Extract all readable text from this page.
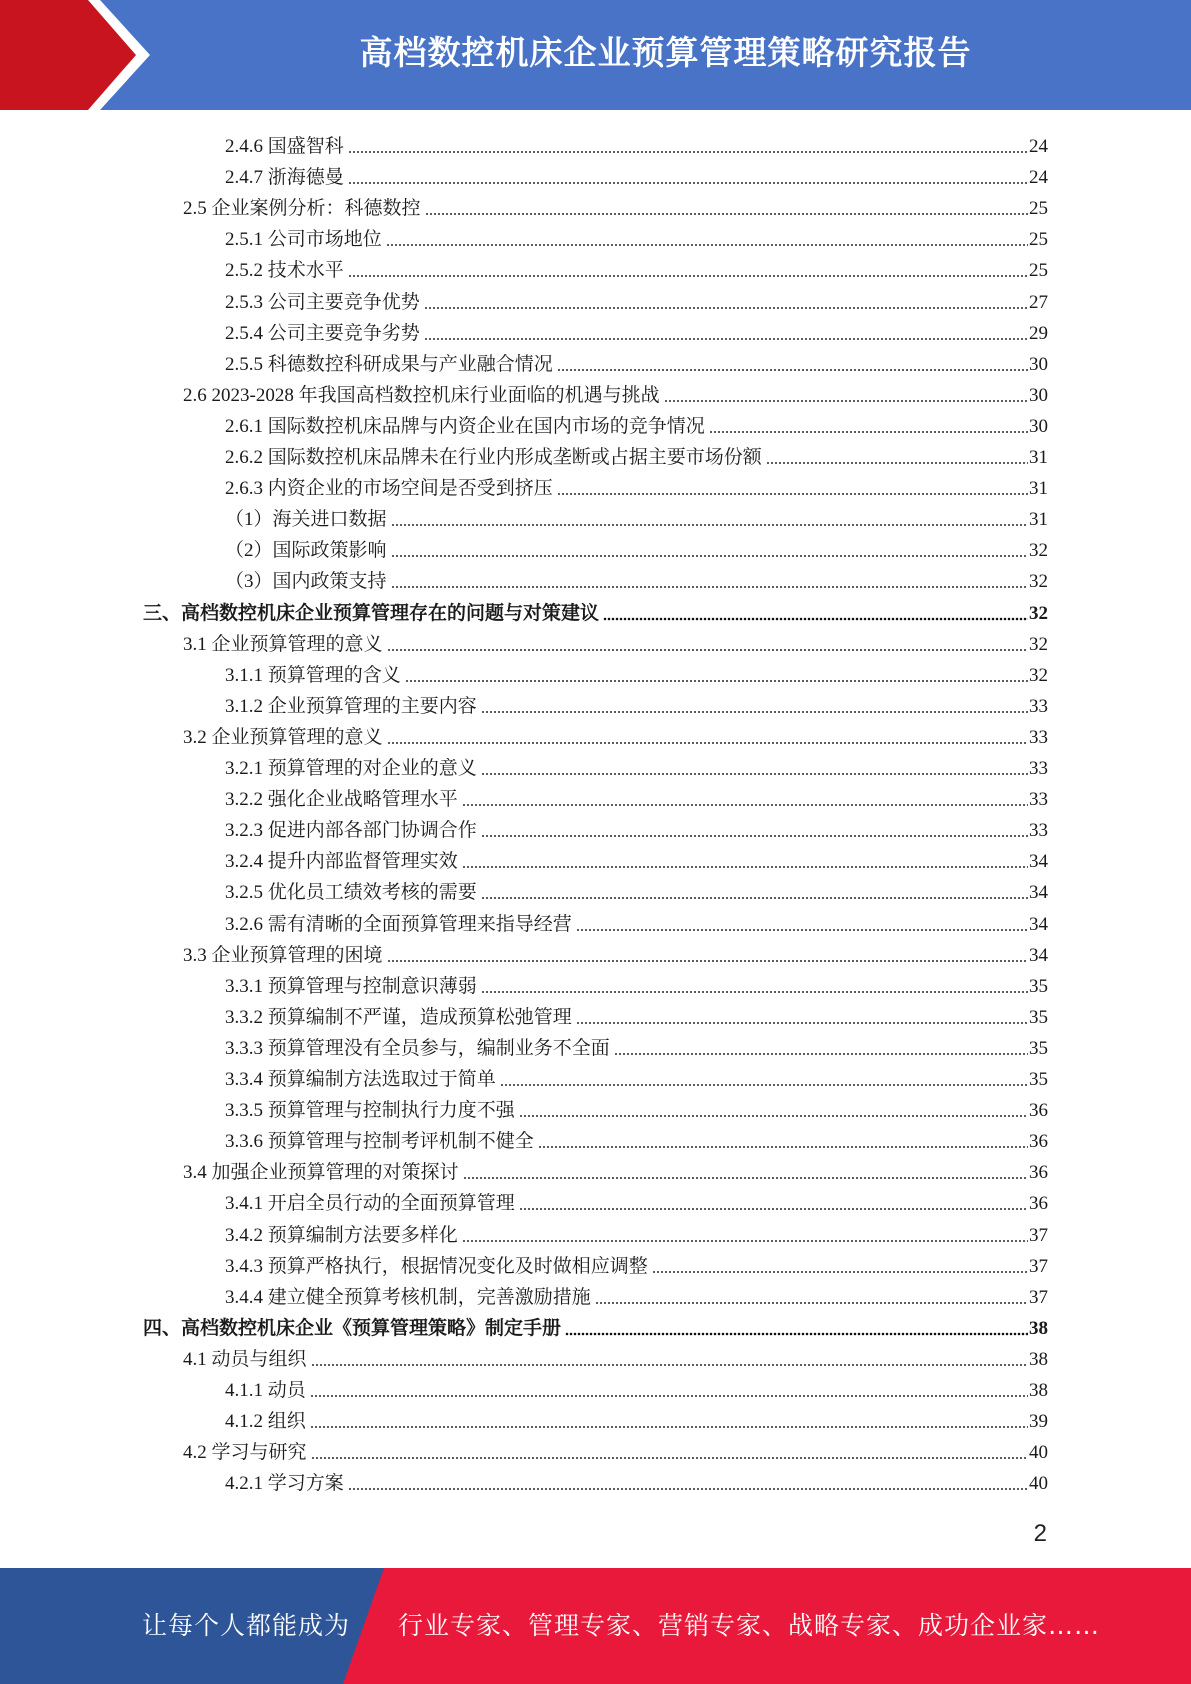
高档数控机床企业预算管理策略研究报告
2.4.6 国盛智科	24
2.4.7 浙海德曼	24
2.5 企业案例分析：科德数控	25
2.5.1 公司市场地位	25
2.5.2 技术水平	25
2.5.3 公司主要竞争优势	27
2.5.4 公司主要竞争劣势	29
2.5.5 科德数控科研成果与产业融合情况	30
2.6 2023-2028 年我国高档数控机床行业面临的机遇与挑战	30
2.6.1 国际数控机床品牌与内资企业在国内市场的竞争情况	30
2.6.2 国际数控机床品牌未在行业内形成垄断或占据主要市场份额	31
2.6.3 内资企业的市场空间是否受到挤压	31
（1）海关进口数据	31
（2）国际政策影响	32
（3）国内政策支持	32
三、高档数控机床企业预算管理存在的问题与对策建议	32
3.1 企业预算管理的意义	32
3.1.1 预算管理的含义	32
3.1.2 企业预算管理的主要内容	33
3.2 企业预算管理的意义	33
3.2.1 预算管理的对企业的意义	33
3.2.2 强化企业战略管理水平	33
3.2.3 促进内部各部门协调合作	33
3.2.4 提升内部监督管理实效	34
3.2.5 优化员工绩效考核的需要	34
3.2.6 需有清晰的全面预算管理来指导经营	34
3.3 企业预算管理的困境	34
3.3.1 预算管理与控制意识薄弱	35
3.3.2 预算编制不严谨，造成预算松弛管理	35
3.3.3 预算管理没有全员参与，编制业务不全面	35
3.3.4 预算编制方法选取过于简单	35
3.3.5 预算管理与控制执行力度不强	36
3.3.6 预算管理与控制考评机制不健全	36
3.4 加强企业预算管理的对策探讨	36
3.4.1 开启全员行动的全面预算管理	36
3.4.2 预算编制方法要多样化	37
3.4.3 预算严格执行，根据情况变化及时做相应调整	37
3.4.4 建立健全预算考核机制，完善激励措施	37
四、高档数控机床企业《预算管理策略》制定手册	38
4.1 动员与组织	38
4.1.1 动员	38
4.1.2 组织	39
4.2 学习与研究	40
4.2.1 学习方案	40
2
让每个人都能成为 行业专家、管理专家、营销专家、战略专家、成功企业家……
